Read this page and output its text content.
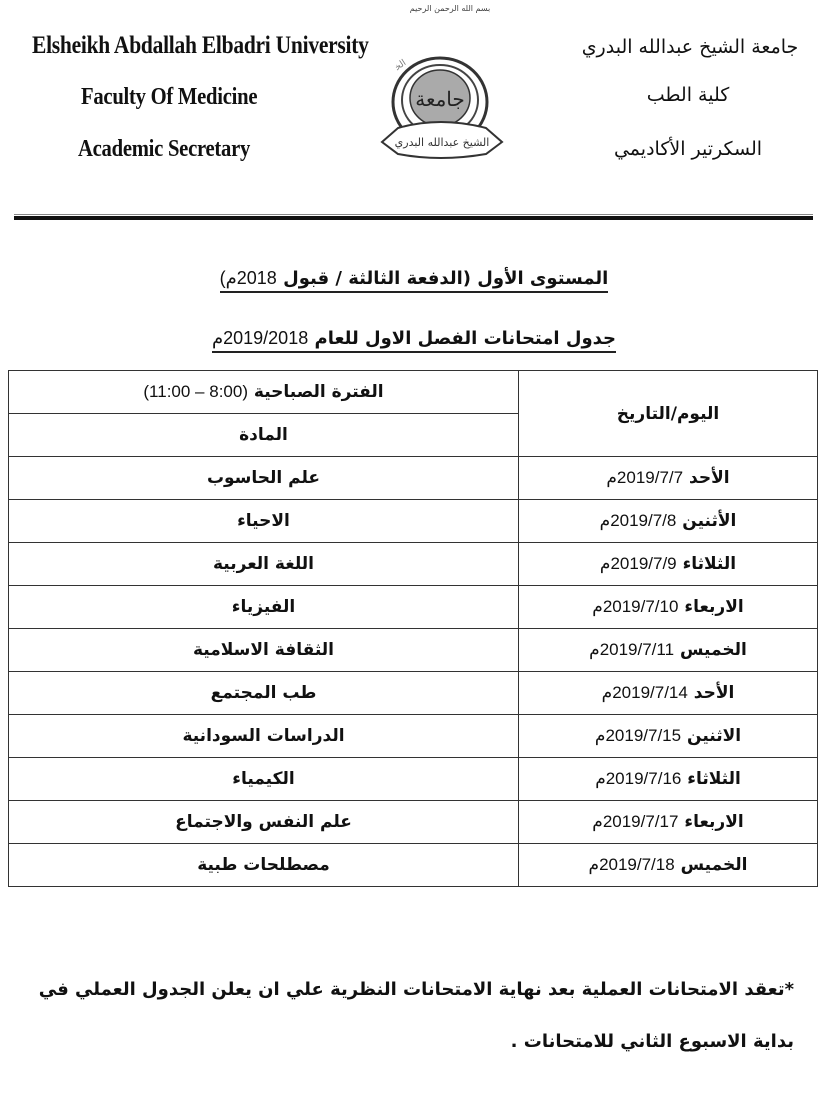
بسم الله الرحمن الرحيم
Elsheikh Abdallah Elbadri University
Faculty Of Medicine
Academic Secretary
الخ
جامعة
الشيخ عبدالله البدري
جامعة الشيخ عبدالله البدري
كلية الطب
السكرتير الأكاديمي
المستوى الأول (الدفعة الثالثة / قبول 2018م)
جدول امتحانات الفصل الاول للعام 2019/2018م
اليوم/التاريخ	الفترة الصباحية (8:00 – 11:00)
	المادة
الأحد 2019/7/7م	علم الحاسوب
الأثنين 2019/7/8م	الاحياء
الثلاثاء 2019/7/9م	اللغة العربية
الاربعاء 2019/7/10م	الفيزياء
الخميس 2019/7/11م	الثقافة الاسلامية
الأحد 2019/7/14م	طب المجتمع
الاثنين 2019/7/15م	الدراسات السودانية
الثلاثاء 2019/7/16م	الكيمياء
الاربعاء 2019/7/17م	علم النفس والاجتماع
الخميس 2019/7/18م	مصطلحات طبية
*تعقد الامتحانات العملية بعد نهاية الامتحانات النظرية علي ان يعلن الجدول العملي في
بداية الاسبوع الثاني للامتحانات .
